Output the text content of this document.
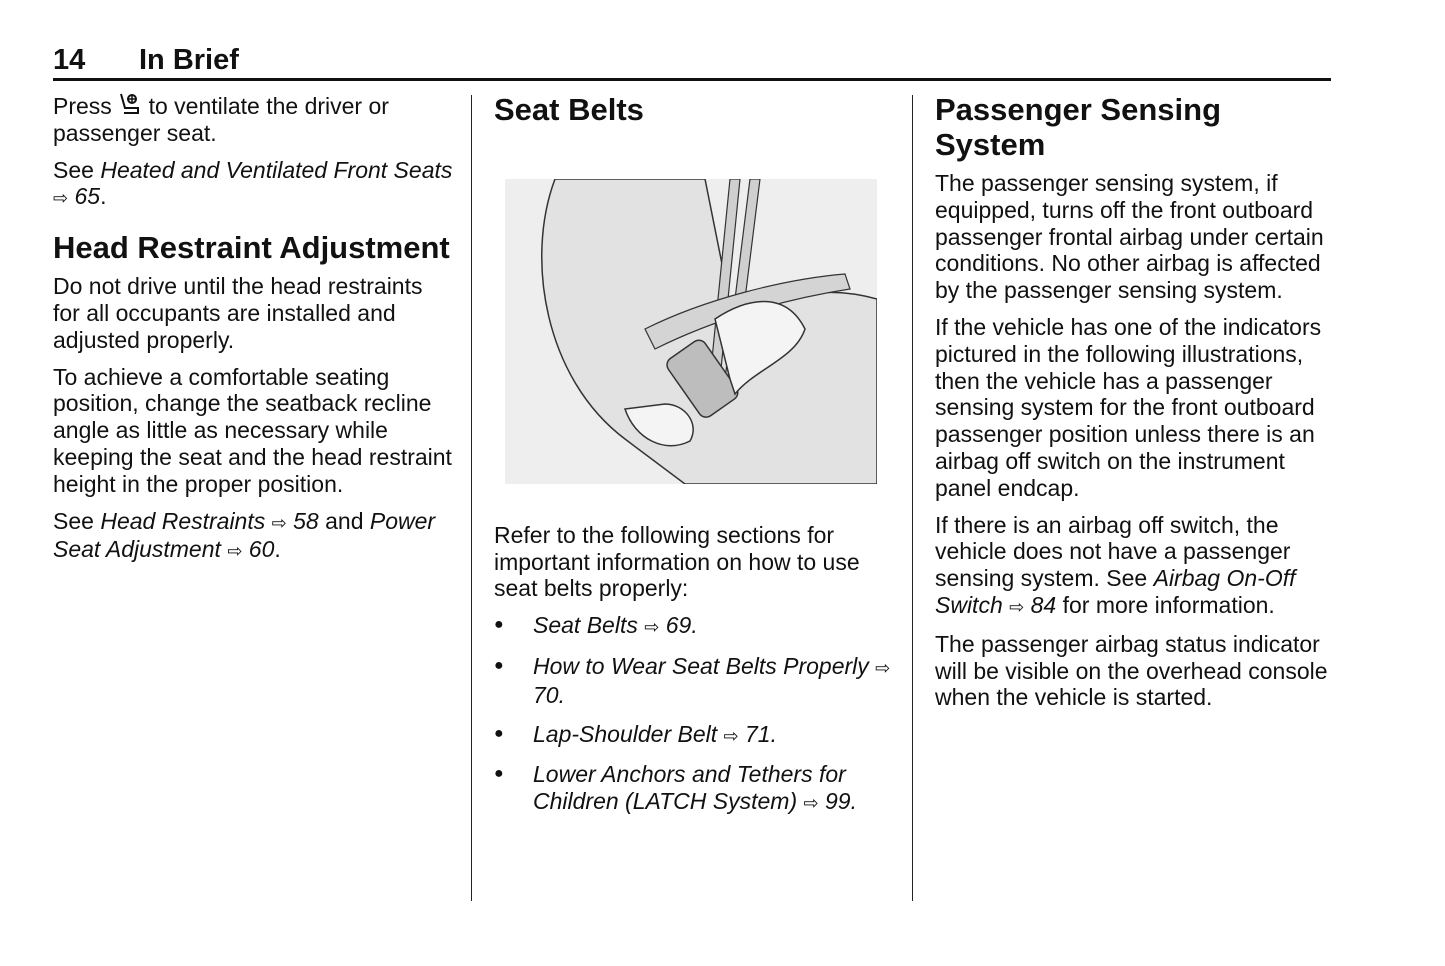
14 In Brief

Press  to ventilate the driver or passenger seat.

See Heated and Ventilated Front Seats ⇨ 65.

Head Restraint Adjustment

Do not drive until the head restraints for all occupants are installed and adjusted properly.

To achieve a comfortable seating position, change the seatback recline angle as little as necessary while keeping the seat and the head restraint height in the proper position.

See Head Restraints ⇨ 58 and Power Seat Adjustment ⇨ 60.

Seat Belts

Refer to the following sections for important information on how to use seat belts properly:

● Seat Belts ⇨ 69.
● How to Wear Seat Belts Properly ⇨ 70.
● Lap-Shoulder Belt ⇨ 71.
● Lower Anchors and Tethers for Children (LATCH System) ⇨ 99.
Passenger Sensing System

The passenger sensing system, if equipped, turns off the front outboard passenger frontal airbag under certain conditions. No other airbag is affected by the passenger sensing system.

If the vehicle has one of the indicators pictured in the following illustrations, then the vehicle has a passenger sensing system for the front outboard passenger position unless there is an airbag off switch on the instrument panel endcap.

If there is an airbag off switch, the vehicle does not have a passenger sensing system. See Airbag On-Off Switch ⇨ 84 for more information.

The passenger airbag status indicator will be visible on the overhead console when the vehicle is started.
